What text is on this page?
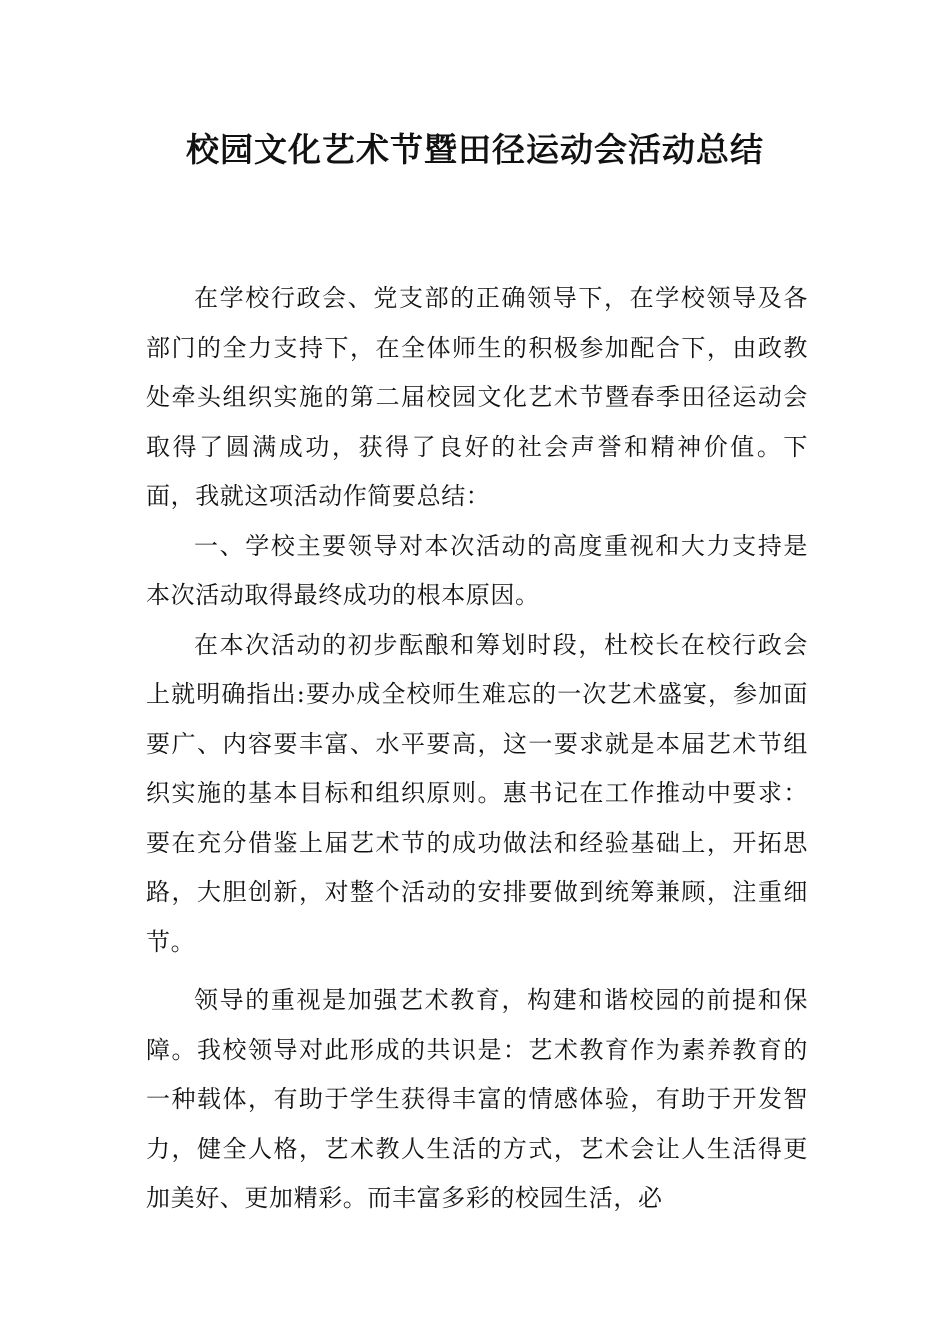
校园文化艺术节暨田径运动会活动总结

在学校行政会、党支部的正确领导下，在学校领导及各部门的全力支持下，在全体师生的积极参加配合下，由政教处牵头组织实施的第二届校园文化艺术节暨春季田径运动会取得了圆满成功，获得了良好的社会声誉和精神价值。下面，我就这项活动作简要总结：

一、学校主要领导对本次活动的高度重视和大力支持是本次活动取得最终成功的根本原因。

在本次活动的初步酝酿和筹划时段，杜校长在校行政会上就明确指出:要办成全校师生难忘的一次艺术盛宴，参加面要广、内容要丰富、水平要高，这一要求就是本届艺术节组织实施的基本目标和组织原则。惠书记在工作推动中要求：要在充分借鉴上届艺术节的成功做法和经验基础上，开拓思路，大胆创新，对整个活动的安排要做到统筹兼顾，注重细节。

领导的重视是加强艺术教育，构建和谐校园的前提和保障。我校领导对此形成的共识是：艺术教育作为素养教育的一种载体，有助于学生获得丰富的情感体验，有助于开发智力，健全人格，艺术教人生活的方式，艺术会让人生活得更加美好、更加精彩。而丰富多彩的校园生活，必
